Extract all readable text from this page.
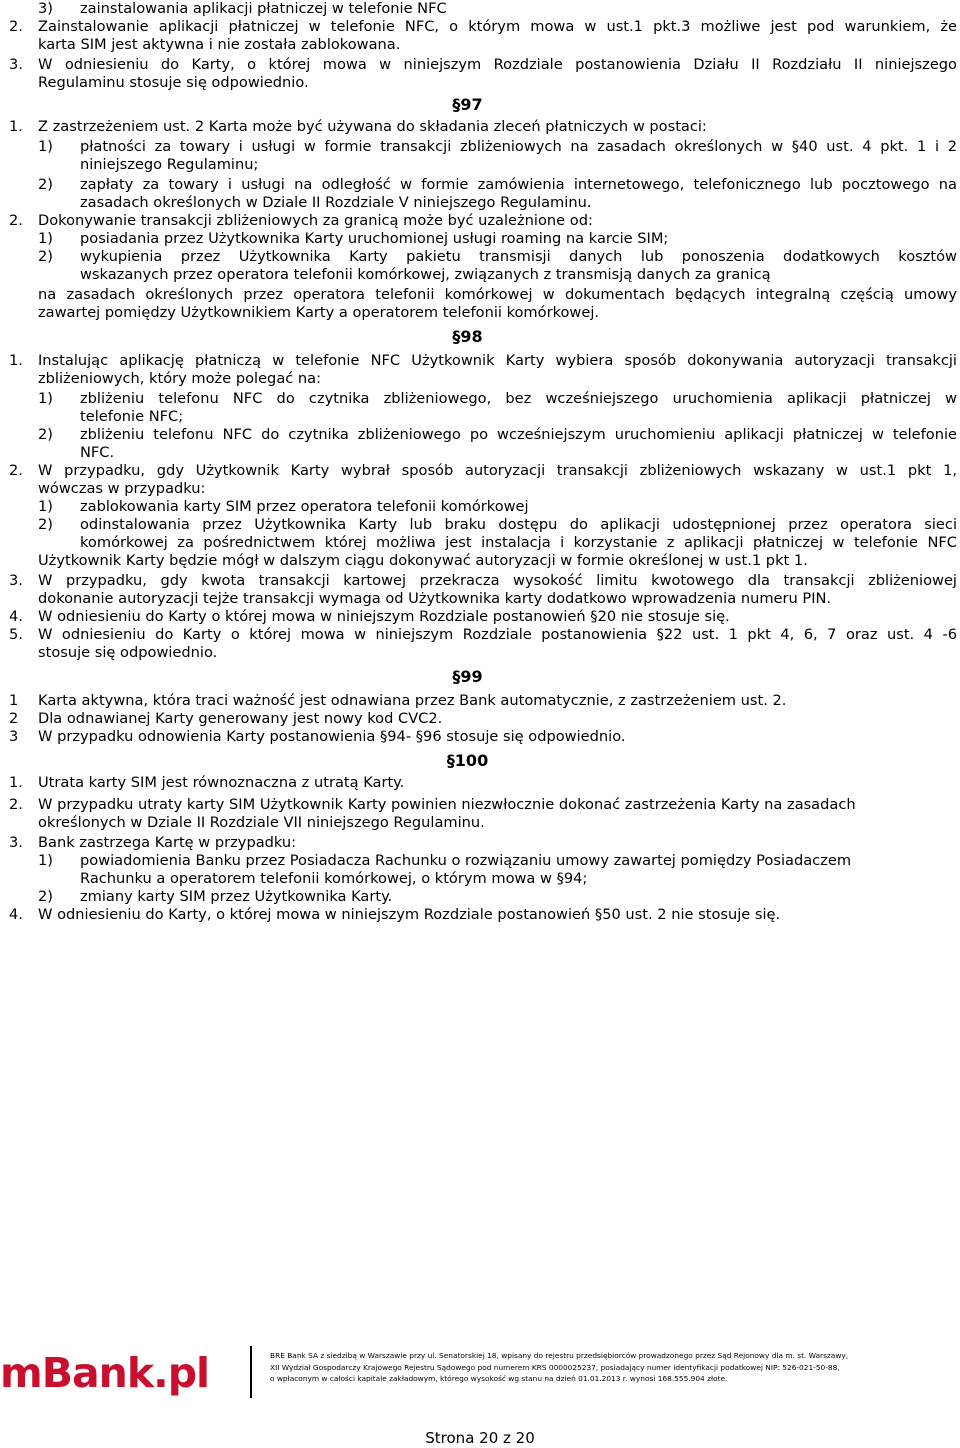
3) zainstalowania aplikacji płatniczej w telefonie NFC
2. Zainstalowanie aplikacji płatniczej w telefonie NFC, o którym mowa w ust.1 pkt.3 możliwe jest pod warunkiem, że
karta SIM jest aktywna i nie została zablokowana.
3. W odniesieniu do Karty, o której mowa w niniejszym Rozdziale postanowienia Działu II Rozdziału II niniejszego
Regulaminu stosuje się odpowiednio.
§97
1. Z zastrzeżeniem ust. 2 Karta może być używana do składania zleceń płatniczych w postaci:
1) płatności za towary i usługi w formie transakcji zbliżeniowych na zasadach określonych w §40 ust. 4 pkt. 1 i 2
niniejszego Regulaminu;
2) zapłaty za towary i usługi na odległość w formie zamówienia internetowego, telefonicznego lub pocztowego na
zasadach określonych w Dziale II Rozdziale V niniejszego Regulaminu.
2. Dokonywanie transakcji zbliżeniowych za granicą może być uzależnione od:
1) posiadania przez Użytkownika Karty uruchomionej usługi roaming na karcie SIM;
2) wykupienia przez Użytkownika Karty pakietu transmisji danych lub ponoszenia dodatkowych kosztów
wskazanych przez operatora telefonii komórkowej, związanych z transmisją danych za granicą
na zasadach określonych przez operatora telefonii komórkowej w dokumentach będących integralną częścią umowy
zawartej pomiędzy Użytkownikiem Karty a operatorem telefonii komórkowej.
§98
1. Instalując aplikację płatniczą w telefonie NFC Użytkownik Karty wybiera sposób dokonywania autoryzacji transakcji
zbliżeniowych, który może polegać na:
1) zbliżeniu telefonu NFC do czytnika zbliżeniowego, bez wcześniejszego uruchomienia aplikacji płatniczej w
telefonie NFC;
2) zbliżeniu telefonu NFC do czytnika zbliżeniowego po wcześniejszym uruchomieniu aplikacji płatniczej w telefonie
NFC.
2. W przypadku, gdy Użytkownik Karty wybrał sposób autoryzacji transakcji zbliżeniowych wskazany w ust.1 pkt 1,
wówczas w przypadku:
1) zablokowania karty SIM przez operatora telefonii komórkowej
2) odinstalowania przez Użytkownika Karty lub braku dostępu do aplikacji udostępnionej przez operatora sieci
komórkowej za pośrednictwem której możliwa jest instalacja i korzystanie z aplikacji płatniczej w telefonie NFC
Użytkownik Karty będzie mógł w dalszym ciągu dokonywać autoryzacji w formie określonej w ust.1 pkt 1.
3. W przypadku, gdy kwota transakcji kartowej przekracza wysokość limitu kwotowego dla transakcji zbliżeniowej
dokonanie autoryzacji tejże transakcji wymaga od Użytkownika karty dodatkowo wprowadzenia numeru PIN.
4. W odniesieniu do Karty o której mowa w niniejszym Rozdziale postanowień §20 nie stosuje się.
5. W odniesieniu do Karty o której mowa w niniejszym Rozdziale postanowienia §22 ust. 1 pkt 4, 6, 7 oraz ust. 4 -6
stosuje się odpowiednio.
§99
1 Karta aktywna, która traci ważność jest odnawiana przez Bank automatycznie, z zastrzeżeniem ust. 2.
2 Dla odnawianej Karty generowany jest nowy kod CVC2.
3 W przypadku odnowienia Karty postanowienia §94- §96 stosuje się odpowiednio.
§100
1. Utrata karty SIM jest równoznaczna z utratą Karty.
2. W przypadku utraty karty SIM Użytkownik Karty powinien niezwłocznie dokonać zastrzeżenia Karty na zasadach
określonych w Dziale II Rozdziale VII niniejszego Regulaminu.
3. Bank zastrzega Kartę w przypadku:
1) powiadomienia Banku przez Posiadacza Rachunku o rozwiązaniu umowy zawartej pomiędzy Posiadaczem
Rachunku a operatorem telefonii komórkowej, o którym mowa w §94;
2) zmiany karty SIM przez Użytkownika Karty.
4. W odniesieniu do Karty, o której mowa w niniejszym Rozdziale postanowień §50 ust. 2 nie stosuje się.
mBank.pl	BRE Bank SA z siedzibą w Warszawie przy ul. Senatorskiej 18, wpisany do rejestru przedsiębiorców prowadzonego przez Sąd Rejonowy dla m. st. Warszawy,
XII Wydział Gospodarczy Krajowego Rejestru Sądowego pod numerem KRS 0000025237, posiadający numer identyfikacji podatkowej NIP: 526-021-50-88,
o wpłaconym w całości kapitale zakładowym, którego wysokość wg stanu na dzień 01.01.2013 r. wynosi 168.555.904 złote.
Strona 20 z 20
